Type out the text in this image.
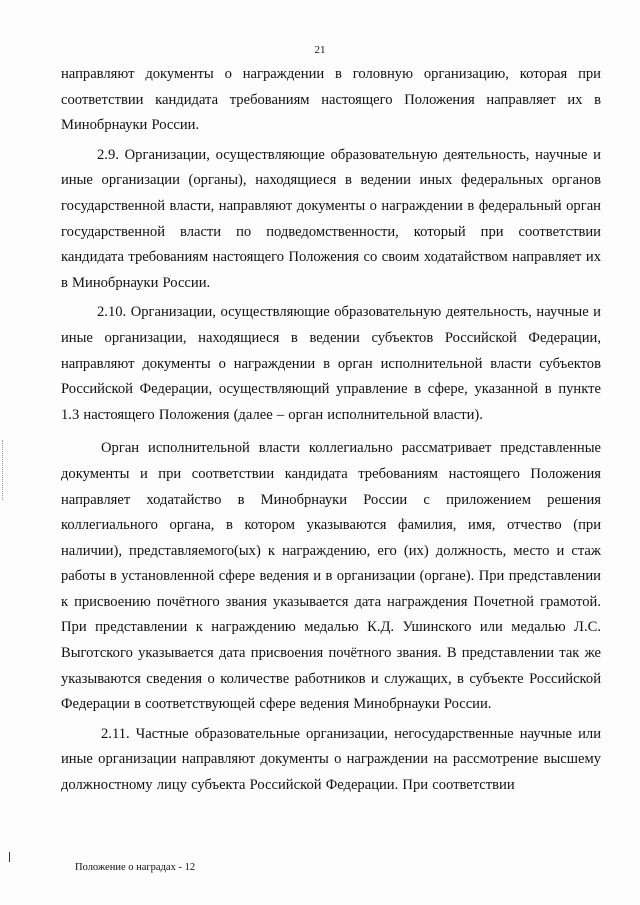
21

направляют документы о награждении в головную организацию, которая при соответствии кандидата требованиям настоящего Положения направляет их в Минобрнауки России.

2.9. Организации, осуществляющие образовательную деятельность, научные и иные организации (органы), находящиеся в ведении иных федеральных органов государственной власти, направляют документы о награждении в федеральный орган государственной власти по подведомственности, который при соответствии кандидата требованиям настоящего Положения со своим ходатайством направляет их в Минобрнауки России.

2.10. Организации, осуществляющие образовательную деятельность, научные и иные организации, находящиеся в ведении субъектов Российской Федерации, направляют документы о награждении в орган исполнительной власти субъектов Российской Федерации, осуществляющий управление в сфере, указанной в пункте 1.3 настоящего Положения (далее – орган исполнительной власти).

Орган исполнительной власти коллегиально рассматривает представленные документы и при соответствии кандидата требованиям настоящего Положения направляет ходатайство в Минобрнауки России с приложением решения коллегиального органа, в котором указываются фамилия, имя, отчество (при наличии), представляемого(ых) к награждению, его (их) должность, место и стаж работы в установленной сфере ведения и в организации (органе). При представлении к присвоению почётного звания указывается дата награждения Почетной грамотой. При представлении к награждению медалью К.Д. Ушинского или медалью Л.С. Выготского указывается дата присвоения почётного звания. В представлении так же указываются сведения о количестве работников и служащих, в субъекте Российской Федерации в соответствующей сфере ведения Минобрнауки России.

2.11. Частные образовательные организации, негосударственные научные или иные организации направляют документы о награждении на рассмотрение высшему должностному лицу субъекта Российской Федерации. При соответствии

Положение о наградах - 12
